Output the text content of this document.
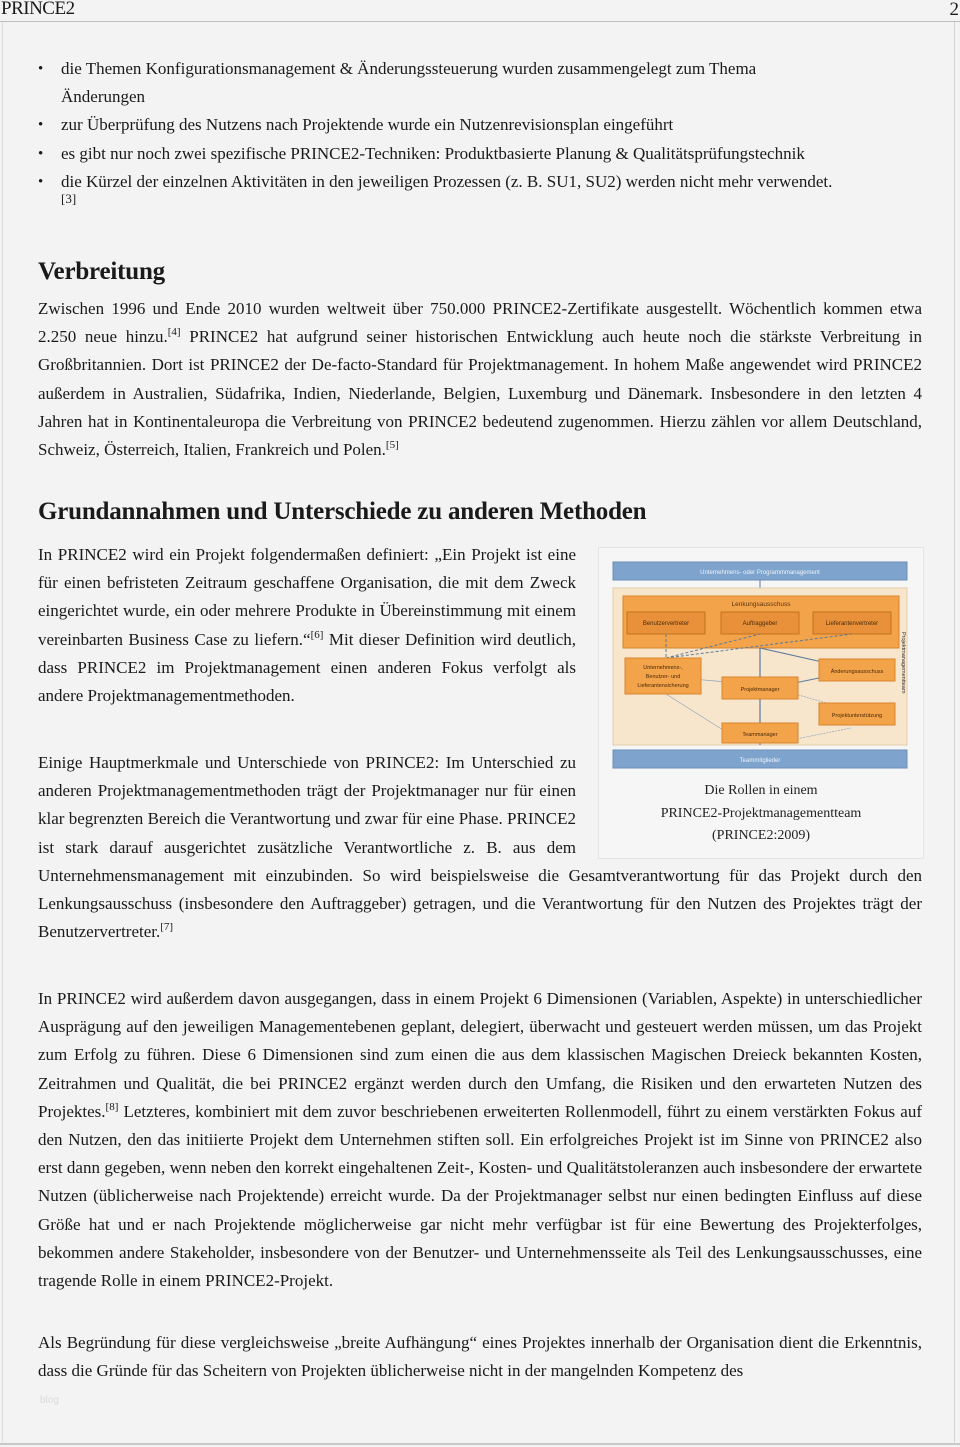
PRINCE2	2
• die Themen Konfigurationsmanagement & Änderungssteuerung wurden zusammengelegt zum Thema
Änderungen
• zur Überprüfung des Nutzens nach Projektende wurde ein Nutzenrevisionsplan eingeführt
• es gibt nur noch zwei spezifische PRINCE2-Techniken: Produktbasierte Planung & Qualitätsprüfungstechnik
• die Kürzel der einzelnen Aktivitäten in den jeweiligen Prozessen (z. B. SU1, SU2) werden nicht mehr verwendet.
[3]
Verbreitung

Zwischen 1996 und Ende 2010 wurden weltweit über 750.000 PRINCE2-Zertifikate ausgestellt. Wöchentlich kommen etwa 2.250 neue hinzu.[4] PRINCE2 hat aufgrund seiner historischen Entwicklung auch heute noch die stärkste Verbreitung in Großbritannien. Dort ist PRINCE2 der De-facto-Standard für Projektmanagement. In hohem Maße angewendet wird PRINCE2 außerdem in Australien, Südafrika, Indien, Niederlande, Belgien, Luxemburg und Dänemark. Insbesondere in den letzten 4 Jahren hat in Kontinentaleuropa die Verbreitung von PRINCE2 bedeutend zugenommen. Hierzu zählen vor allem Deutschland, Schweiz, Österreich, Italien, Frankreich und Polen.[5]

Grundannahmen und Unterschiede zu anderen Methoden

In PRINCE2 wird ein Projekt folgendermaßen definiert: „Ein Projekt ist eine für einen befristeten Zeitraum geschaffene Organisation, die mit dem Zweck eingerichtet wurde, ein oder mehrere Produkte in Übereinstimmung mit einem vereinbarten Business Case zu liefern.“[6] Mit dieser Definition wird deutlich, dass PRINCE2 im Projektmanagement einen anderen Fokus verfolgt als andere Projektmanagementmethoden.

Einige Hauptmerkmale und Unterschiede von PRINCE2: Im Unterschied zu anderen Projektmanagementmethoden trägt der Projektmanager nur für einen klar begrenzten Bereich die Verantwortung und zwar für eine Phase. PRINCE2 ist stark darauf ausgerichtet zusätzliche Verantwortliche z. B. aus dem

Unternehmensmanagement mit einzubinden. So wird beispielsweise die Gesamtverantwortung für das Projekt durch den Lenkungsausschuss (insbesondere den Auftraggeber) getragen, und die Verantwortung für den Nutzen des Projektes trägt der Benutzervertreter.[7]

In PRINCE2 wird außerdem davon ausgegangen, dass in einem Projekt 6 Dimensionen (Variablen, Aspekte) in unterschiedlicher Ausprägung auf den jeweiligen Managementebenen geplant, delegiert, überwacht und gesteuert werden müssen, um das Projekt zum Erfolg zu führen. Diese 6 Dimensionen sind zum einen die aus dem klassischen Magischen Dreieck bekannten Kosten, Zeitrahmen und Qualität, die bei PRINCE2 ergänzt werden durch den Umfang, die Risiken und den erwarteten Nutzen des Projektes.[8] Letzteres, kombiniert mit dem zuvor beschriebenen erweiterten Rollenmodell, führt zu einem verstärkten Fokus auf den Nutzen, den das initiierte Projekt dem Unternehmen stiften soll. Ein erfolgreiches Projekt ist im Sinne von PRINCE2 also erst dann gegeben, wenn neben den korrekt eingehaltenen Zeit-, Kosten- und Qualitätstoleranzen auch insbesondere der erwartete Nutzen (üblicherweise nach Projektende) erreicht wurde. Da der Projektmanager selbst nur einen bedingten Einfluss auf diese Größe hat und er nach Projektende möglicherweise gar nicht mehr verfügbar ist für eine Bewertung des Projekterfolges, bekommen andere Stakeholder, insbesondere von der Benutzer- und Unternehmensseite als Teil des Lenkungsausschusses, eine tragende Rolle in einem PRINCE2-Projekt.

Als Begründung für diese vergleichsweise „breite Aufhängung“ eines Projektes innerhalb der Organisation dient die Erkenntnis, dass die Gründe für das Scheitern von Projekten üblicherweise nicht in der mangelnden Kompetenz des

Unternehmens- oder Programmmanagement
Lenkungsausschuss
Benutzervertreter	Auftraggeber	Lieferantenvertreter
Unternehmens-,
Benutzer- und
Lieferantensicherung
Änderungsausschuss
Projektmanager
Projektunterstützung
Teammanager
Projektmanagementteam
Teammitglieder
Die Rollen in einem
PRINCE2-Projektmanagementteam
(PRINCE2:2009)
blog
